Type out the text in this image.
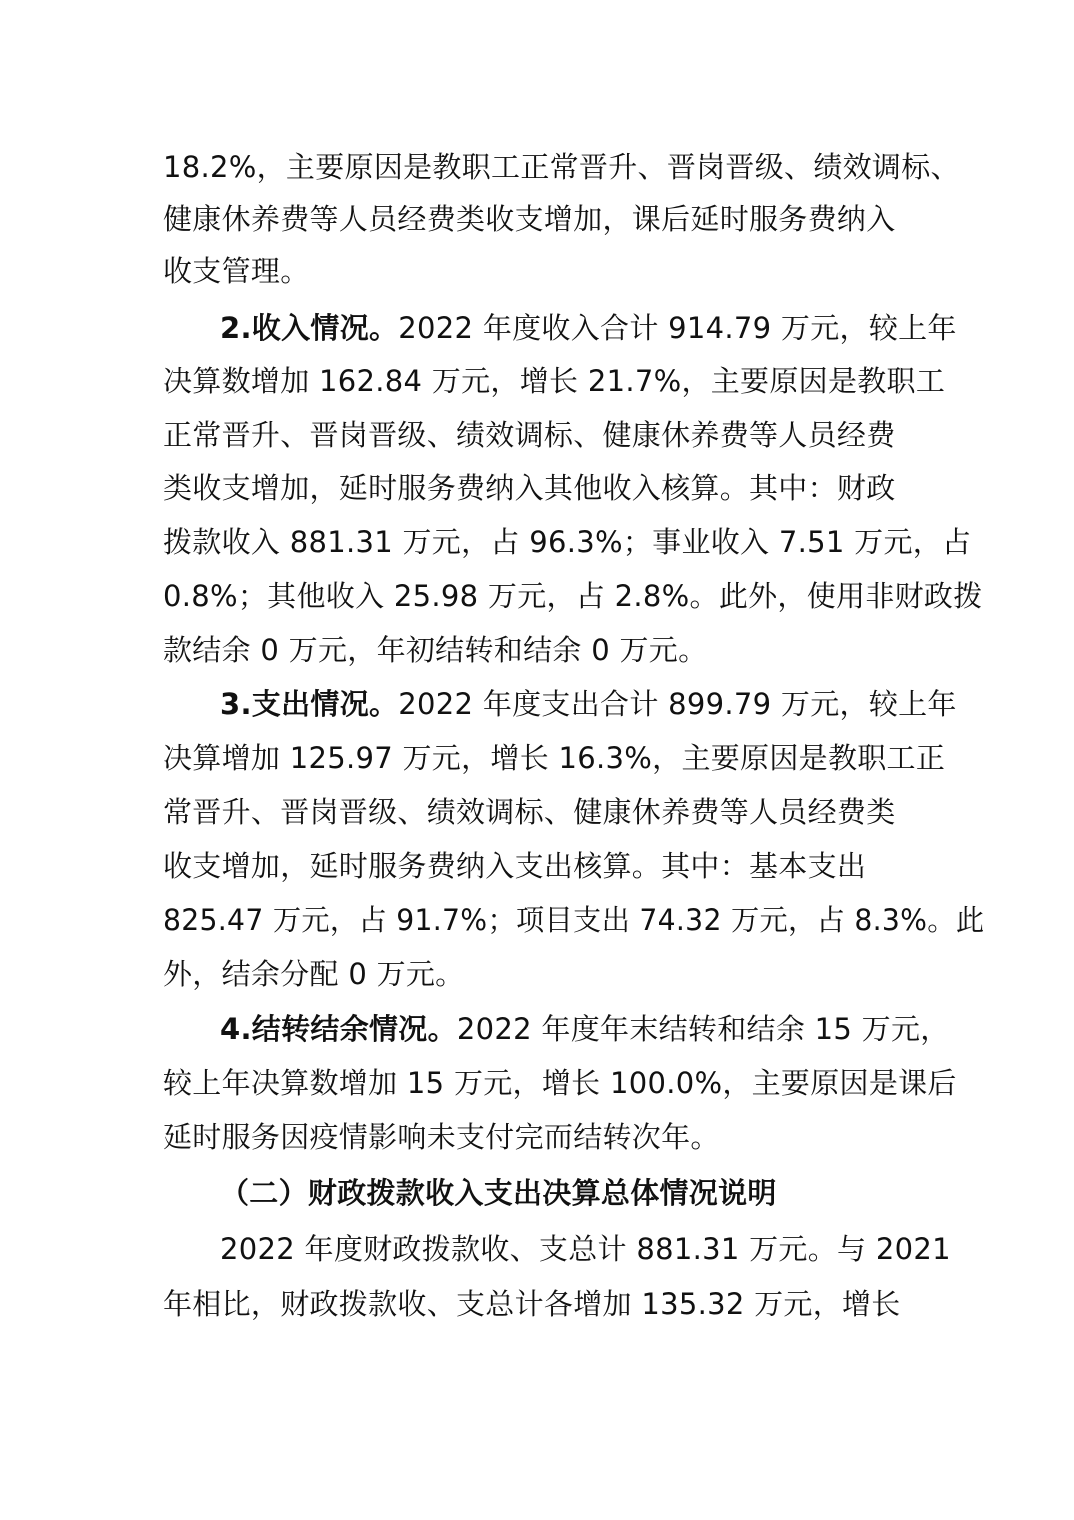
18.2%，主要原因是教职工正常晋升、晋岗晋级、绩效调标、
健康休养费等人员经费类收支增加，课后延时服务费纳入
收支管理。
2.收入情况。2022 年度收入合计 914.79 万元，较上年
决算数增加 162.84 万元，增长 21.7%，主要原因是教职工
正常晋升、晋岗晋级、绩效调标、健康休养费等人员经费
类收支增加，延时服务费纳入其他收入核算。其中：财政
拨款收入 881.31 万元，占 96.3%；事业收入 7.51 万元，占
0.8%；其他收入 25.98 万元，占 2.8%。此外，使用非财政拨
款结余 0 万元，年初结转和结余 0 万元。
3.支出情况。2022 年度支出合计 899.79 万元，较上年
决算增加 125.97 万元，增长 16.3%，主要原因是教职工正
常晋升、晋岗晋级、绩效调标、健康休养费等人员经费类
收支增加，延时服务费纳入支出核算。其中：基本支出
825.47 万元，占 91.7%；项目支出 74.32 万元，占 8.3%。此
外，结余分配 0 万元。
4.结转结余情况。2022 年度年末结转和结余 15 万元，
较上年决算数增加 15 万元，增长 100.0%，主要原因是课后
延时服务因疫情影响未支付完而结转次年。
（二）财政拨款收入支出决算总体情况说明
2022 年度财政拨款收、支总计 881.31 万元。与 2021
年相比，财政拨款收、支总计各增加 135.32 万元，增长
